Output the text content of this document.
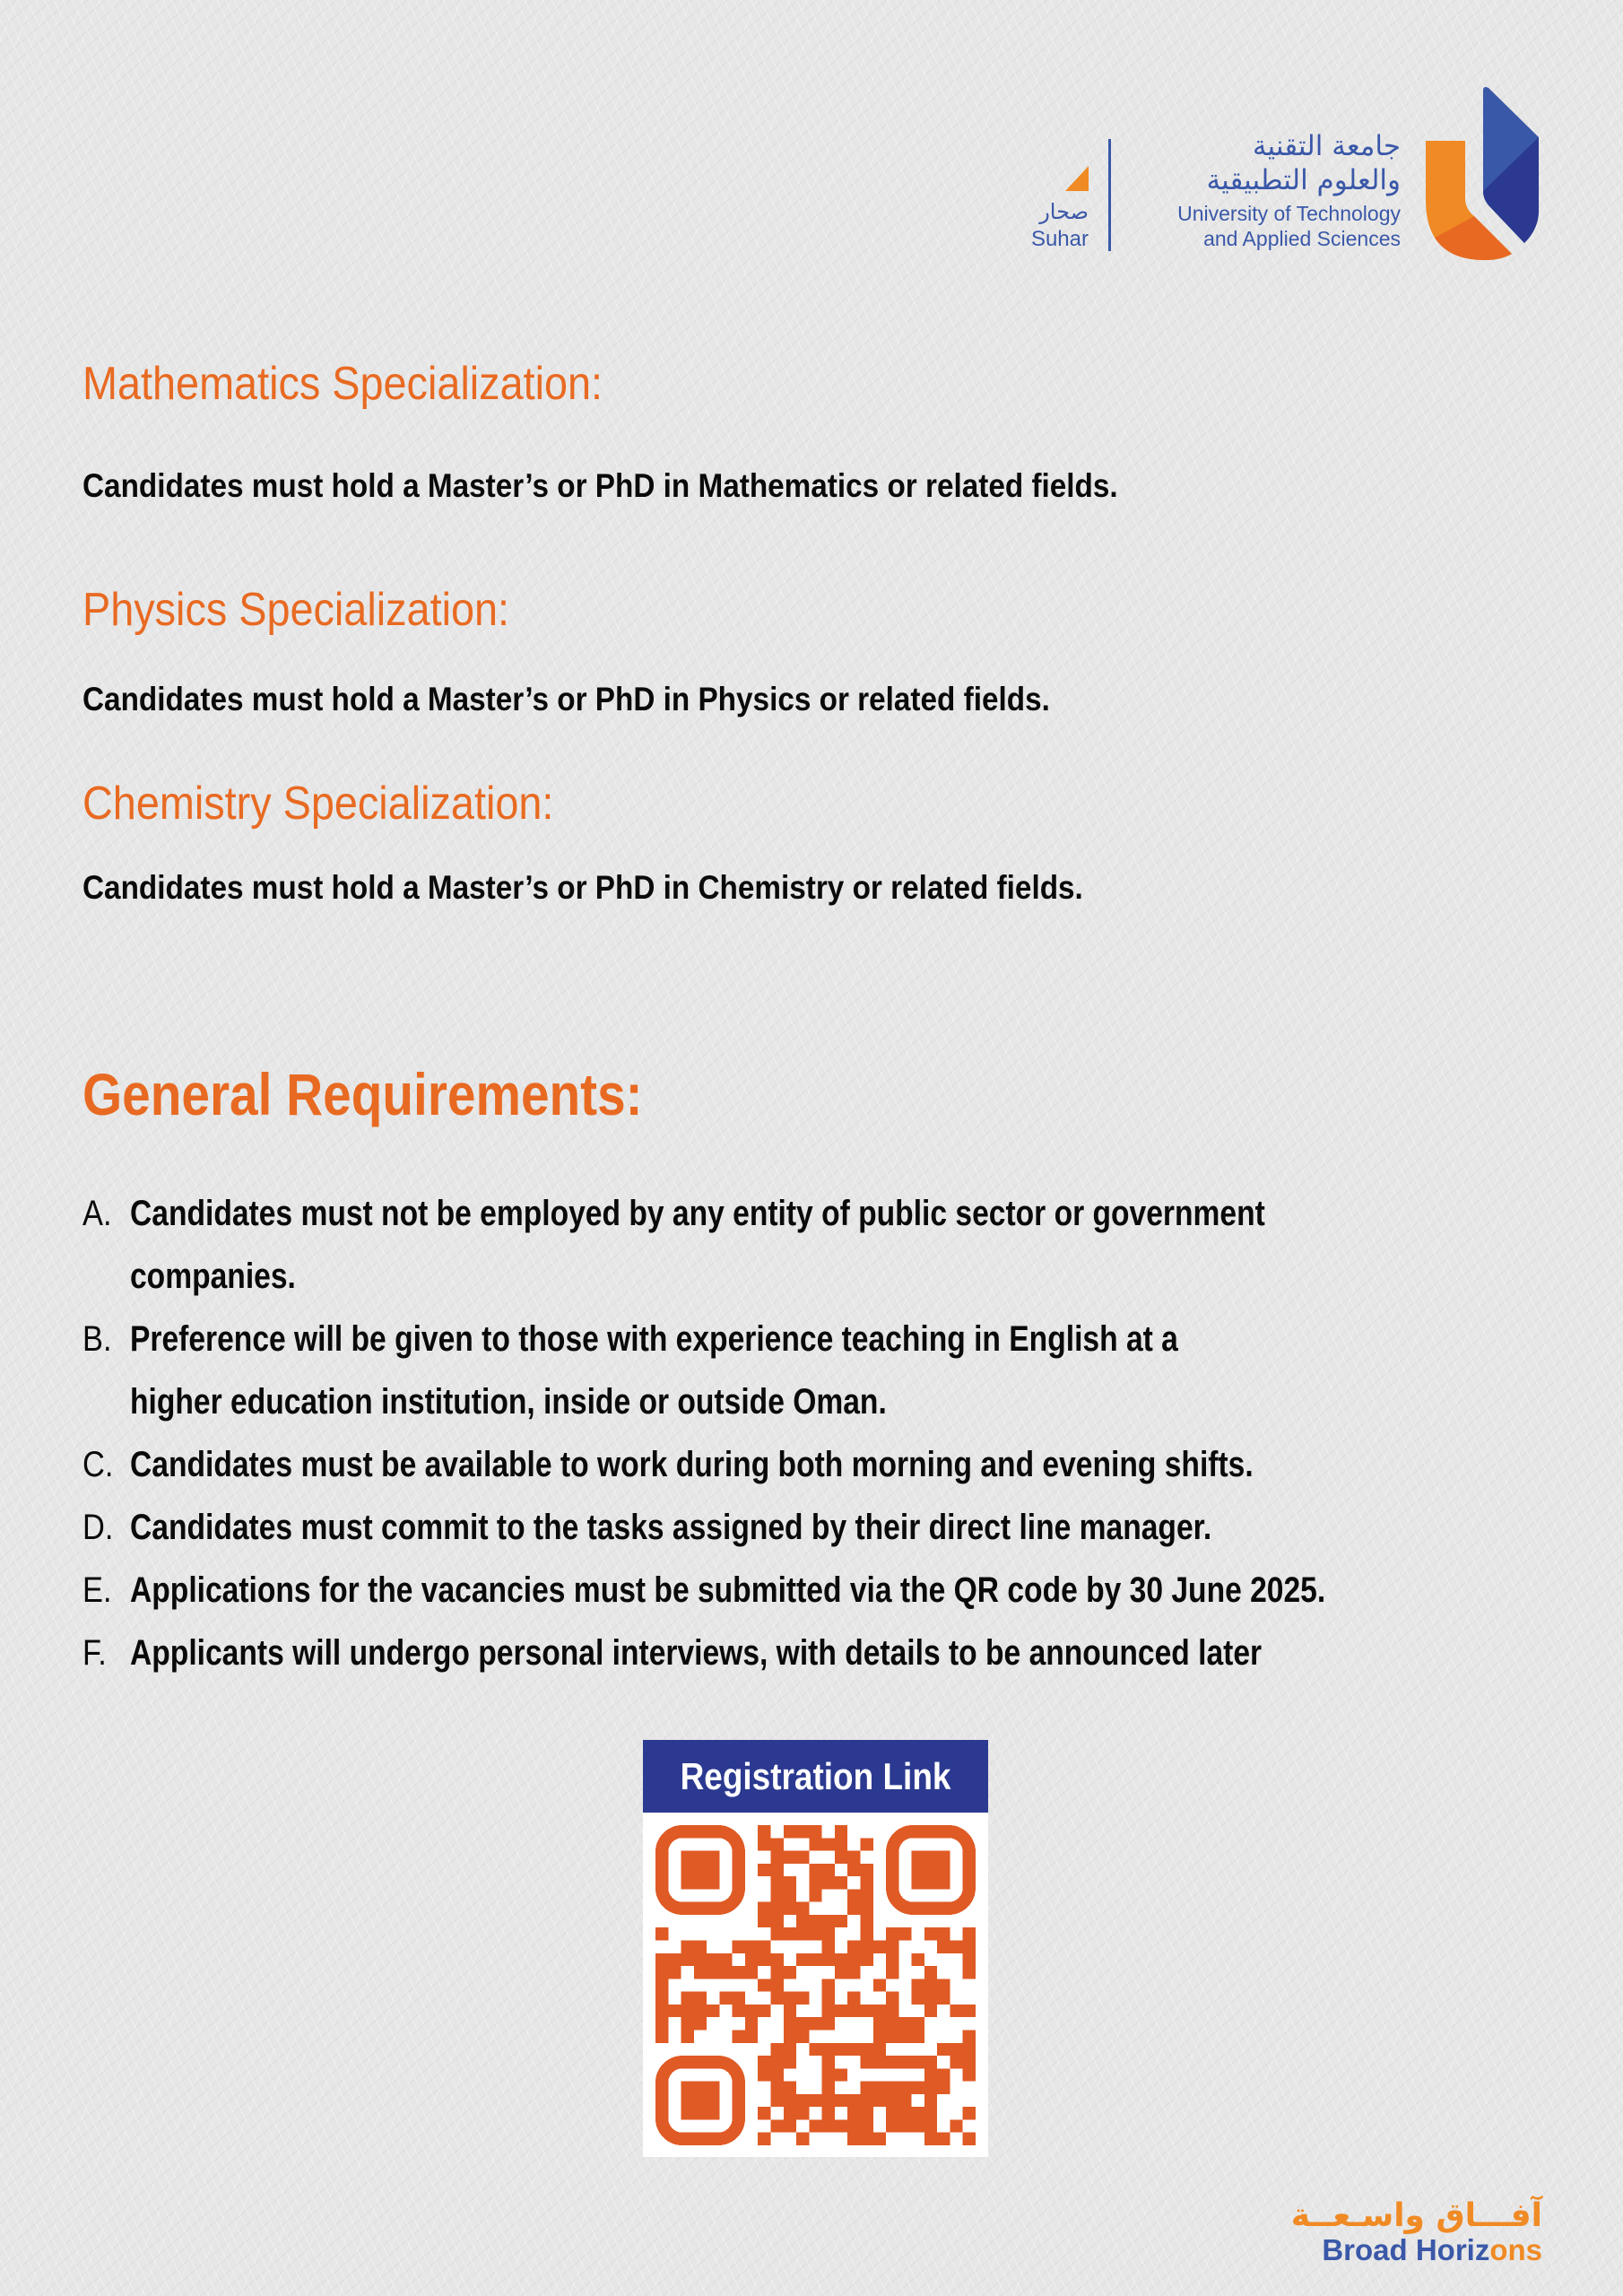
صحار
Suhar
جامعة التقنية
والعلوم التطبيقية
University of Technology
and Applied Sciences
Mathematics Specialization:
Candidates must hold a Master’s or PhD in Mathematics or related fields.
Physics Specialization:
Candidates must hold a Master’s or PhD in Physics or related fields.
Chemistry Specialization:
Candidates must hold a Master’s or PhD in Chemistry or related fields.
General Requirements:
A. Candidates must not be employed by any entity of public sector or government
companies.
B. Preference will be given to those with experience teaching in English at a
higher education institution, inside or outside Oman.
C. Candidates must be available to work during both morning and evening shifts.
D. Candidates must commit to the tasks assigned by their direct line manager.
E. Applications for the vacancies must be submitted via the QR code by 30 June 2025.
F. Applicants will undergo personal interviews, with details to be announced later
Registration Link
آفـــاق واسـعــة
Broad Horizons
